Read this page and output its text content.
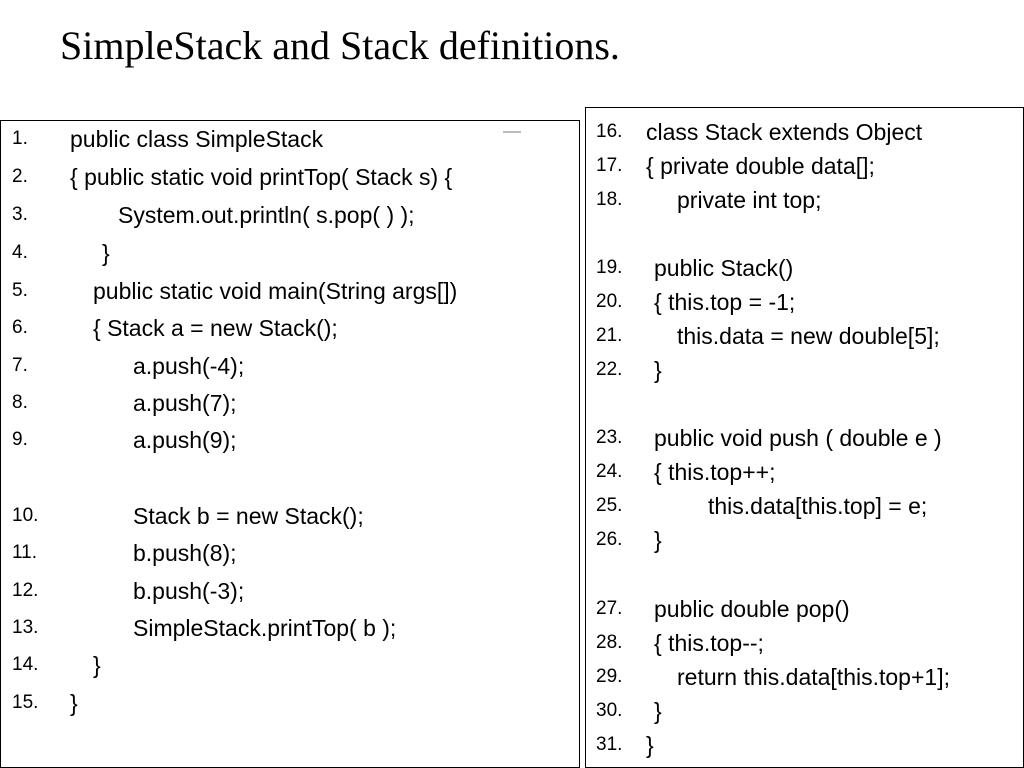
SimpleStack and Stack definitions.
1. public class SimpleStack
2. { public static void printTop( Stack s) {
3.	System.out.println( s.pop( ) );
4.	}
5.	public static void main(String args[])
6.	{ Stack a = new Stack();
7.	a.push(-4);
8.	a.push(7);
9.	a.push(9);
10.	Stack b = new Stack();
11.	b.push(8);
12.	b.push(-3);
13.	SimpleStack.printTop( b );
14. }
15. }
16. class Stack extends Object
17. { private double data[];
18. private int top;
19. public Stack()
20. { this.top = -1;
21. this.data = new double[5];
22. }
23. public void push ( double e )
24. { this.top++;
25.	this.data[this.top] = e;
26. }
27. public double pop()
28. { this.top--;
29. return this.data[this.top+1];
30. }
31. }
